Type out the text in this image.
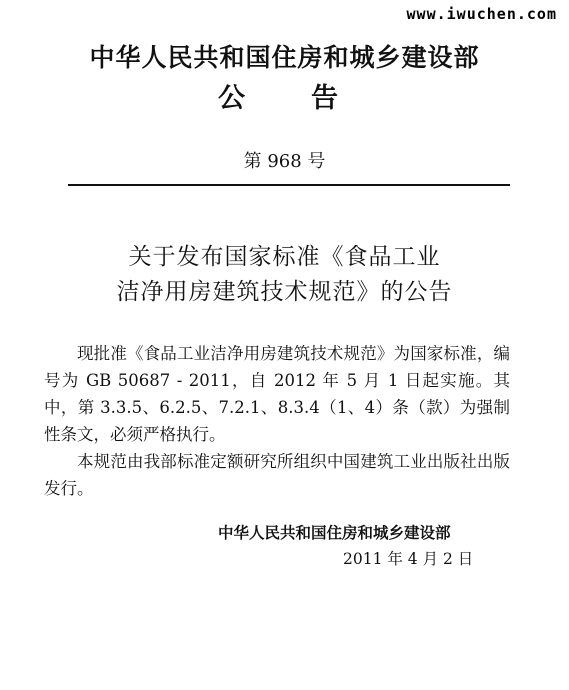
www.iwuchen.com
中华人民共和国住房和城乡建设部
公 告
第 968 号
关于发布国家标准《食品工业
洁净用房建筑技术规范》的公告

现批准《食品工业洁净用房建筑技术规范》为国家标准，编号为 GB 50687 - 2011，自 2012 年 5 月 1 日起实施。其中，第 3.3.5、6.2.5、7.2.1、8.3.4（1、4）条（款）为强制性条文，必须严格执行。

本规范由我部标准定额研究所组织中国建筑工业出版社出版发行。

中华人民共和国住房和城乡建设部
2011 年 4 月 2 日
